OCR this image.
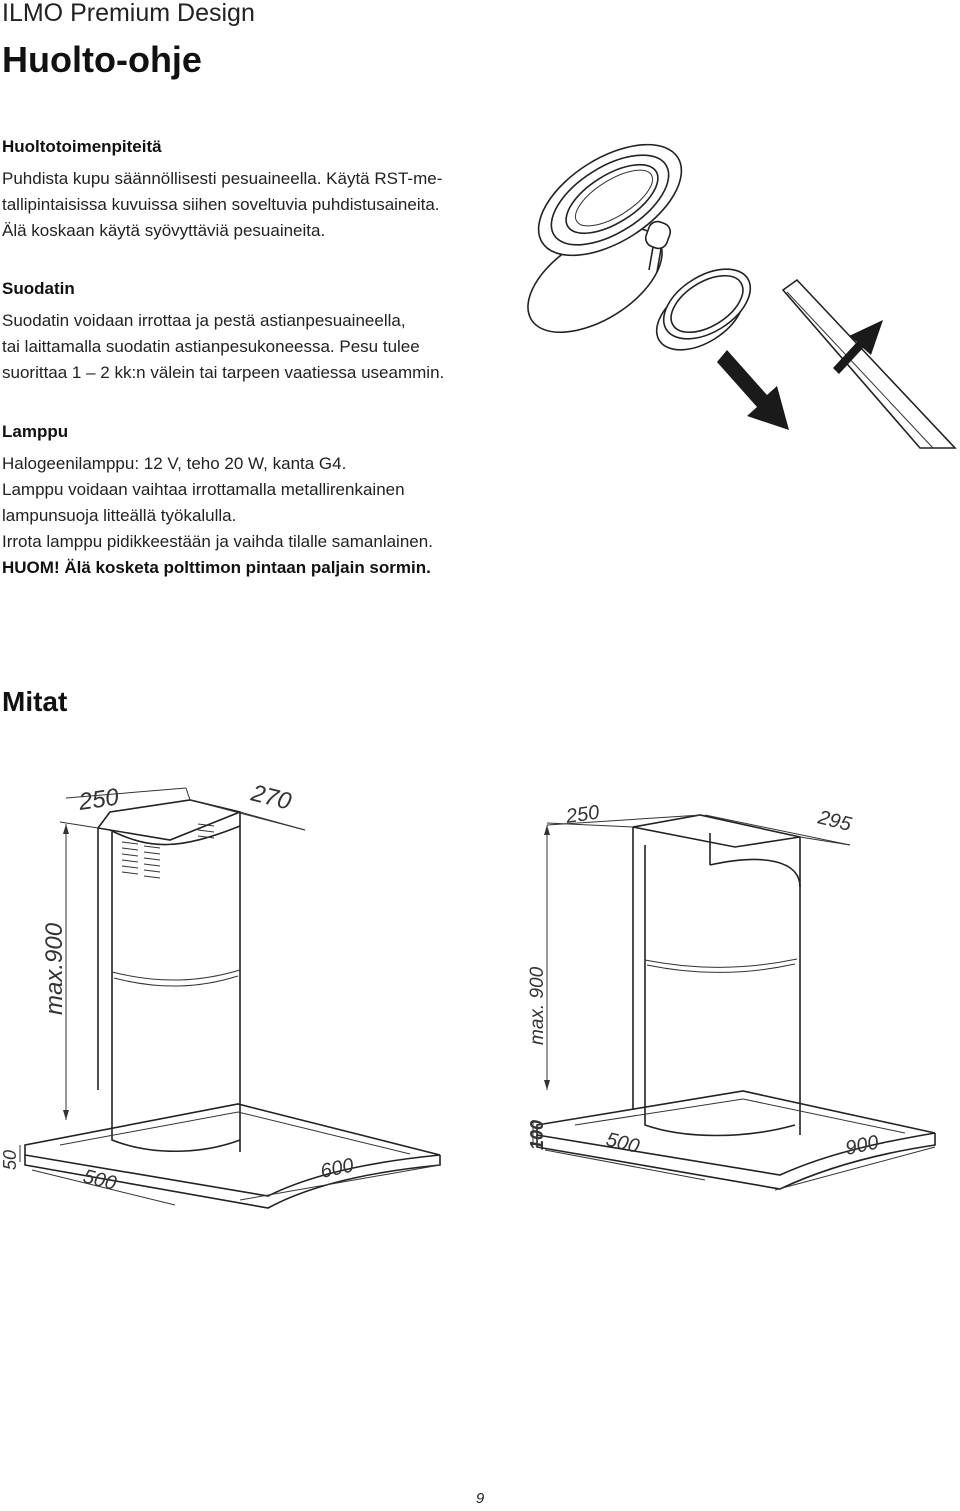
ILMO Premium Design
Huolto-ohje
Huoltotoimenpiteitä
Puhdista kupu säännöllisesti pesuaineella. Käytä RST-me-
tallipintaisissa kuvuissa siihen soveltuvia puhdistusaineita.
Älä koskaan käytä syövyttäviä pesuaineita.
Suodatin
Suodatin voidaan irrottaa ja pestä astianpesuaineella,
tai laittamalla suodatin astianpesukoneessa. Pesu tulee
suorittaa 1 – 2 kk:n välein tai tarpeen vaatiessa useammin.
Lamppu
Halogeenilamppu: 12 V, teho 20 W, kanta G4.
Lamppu voidaan vaihtaa irrottamalla metallirenkainen
lampunsuoja litteällä työkalulla.
Irrota lamppu pidikkeestään ja vaihda tilalle samanlainen.
HUOM! Älä kosketa polttimon pintaan paljain sormin.
Mitat
250	270
max.900
50
500	600
250	295
max. 900
100	500	900
9
